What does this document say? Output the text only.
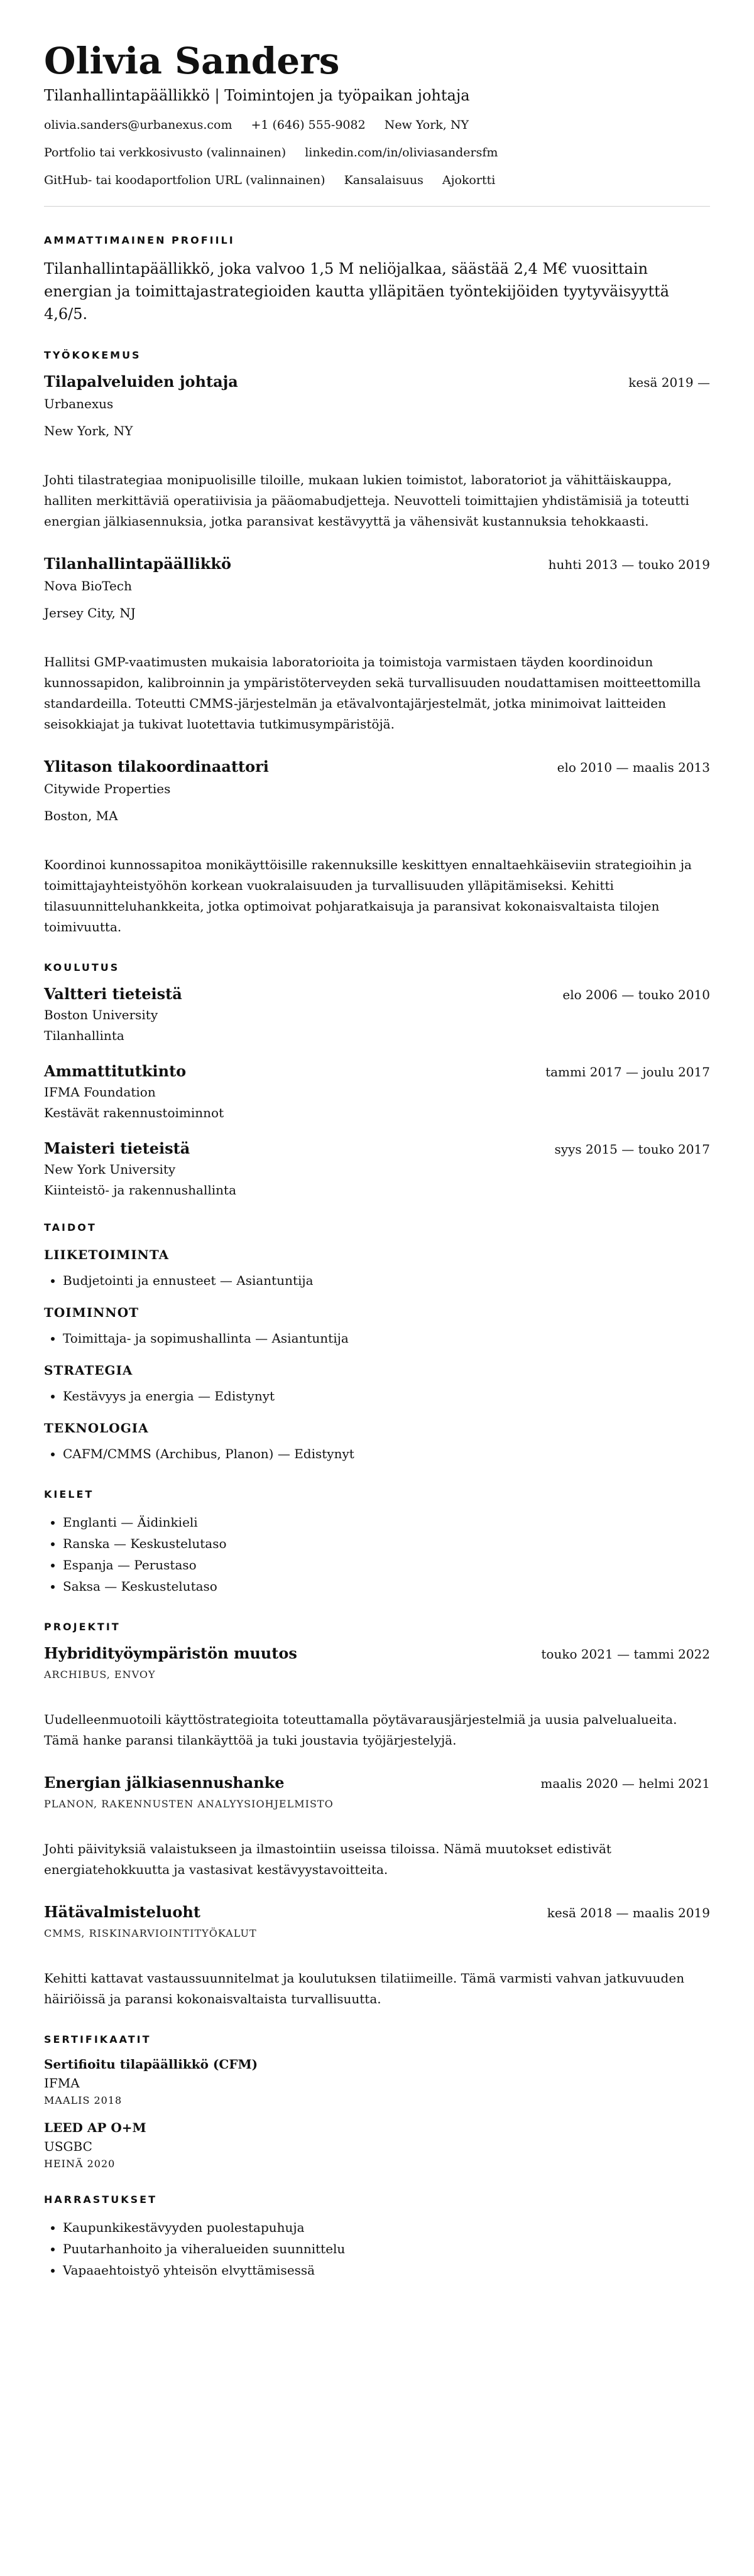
Olivia Sanders
Tilanhallintapäällikkö | Toimintojen ja työpaikan johtaja
olivia.sanders@urbanexus.com +1 (646) 555-9082 New York, NY
Portfolio tai verkkosivusto (valinnainen) linkedin.com/in/oliviasandersfm
GitHub- tai koodaportfolion URL (valinnainen) Kansalaisuus Ajokortti
AMMATTIMAINEN PROFIILI

Tilanhallintapäällikkö, joka valvoo 1,5 M neliöjalkaa, säästää 2,4 M€ vuosittain energian ja toimittajastrategioiden kautta ylläpitäen työntekijöiden tyytyväisyyttä 4,6/5.

TYÖKOKEMUS
Tilapalveluiden johtaja	kesä 2019 —
Urbanexus
New York, NY

Johti tilastrategiaa monipuolisille tiloille, mukaan lukien toimistot, laboratoriot ja vähittäiskauppa, halliten merkittäviä operatiivisia ja pääomabudjetteja. Neuvotteli toimittajien yhdistämisiä ja toteutti energian jälkiasennuksia, jotka paransivat kestävyyttä ja vähensivät kustannuksia tehokkaasti.

Tilanhallintapäällikkö	huhti 2013 — touko 2019
Nova BioTech
Jersey City, NJ

Hallitsi GMP-vaatimusten mukaisia laboratorioita ja toimistoja varmistaen täyden koordinoidun kunnossapidon, kalibroinnin ja ympäristöterveyden sekä turvallisuuden noudattamisen moitteettomilla standardeilla. Toteutti CMMS-järjestelmän ja etävalvontajärjestelmät, jotka minimoivat laitteiden seisokkiajat ja tukivat luotettavia tutkimusympäristöjä.

Ylitason tilakoordinaattori	elo 2010 — maalis 2013
Citywide Properties
Boston, MA

Koordinoi kunnossapitoa monikäyttöisille rakennuksille keskittyen ennaltaehkäiseviin strategioihin ja toimittajayhteistyöhön korkean vuokralaisuuden ja turvallisuuden ylläpitämiseksi. Kehitti tilasuunnitteluhankkeita, jotka optimoivat pohjaratkaisuja ja paransivat kokonaisvaltaista tilojen toimivuutta.

KOULUTUS
Valtteri tieteistä	elo 2006 — touko 2010
Boston University
Tilanhallinta
Ammattitutkinto	tammi 2017 — joulu 2017
IFMA Foundation
Kestävät rakennustoiminnot
Maisteri tieteistä	syys 2015 — touko 2017
New York University
Kiinteistö- ja rakennushallinta
TAIDOT
LIIKETOIMINTA
• Budjetointi ja ennusteet — Asiantuntija
TOIMINNOT
• Toimittaja- ja sopimushallinta — Asiantuntija
STRATEGIA
• Kestävyys ja energia — Edistynyt
TEKNOLOGIA
• CAFM/CMMS (Archibus, Planon) — Edistynyt
KIELET
• Englanti — Äidinkieli
• Ranska — Keskustelutaso
• Espanja — Perustaso
• Saksa — Keskustelutaso
PROJEKTIT
Hybridityöympäristön muutos	touko 2021 — tammi 2022
ARCHIBUS, ENVOY

Uudelleenmuotoili käyttöstrategioita toteuttamalla pöytävarausjärjestelmiä ja uusia palvelualueita. Tämä hanke paransi tilankäyttöä ja tuki joustavia työjärjestelyjä.

Energian jälkiasennushanke	maalis 2020 — helmi 2021
PLANON, RAKENNUSTEN ANALYYSIOHJELMISTO

Johti päivityksiä valaistukseen ja ilmastointiin useissa tiloissa. Nämä muutokset edistivät energiatehokkuutta ja vastasivat kestävyystavoitteita.

Hätävalmisteluoht	kesä 2018 — maalis 2019
CMMS, RISKINARVIOINTITYÖKALUT

Kehitti kattavat vastaussuunnitelmat ja koulutuksen tilatiimeille. Tämä varmisti vahvan jatkuvuuden häiriöissä ja paransi kokonaisvaltaista turvallisuutta.

SERTIFIKAATIT
Sertifioitu tilapäällikkö (CFM)
IFMA
MAALIS 2018
LEED AP O+M
USGBC
HEINÄ 2020
HARRASTUKSET
• Kaupunkikestävyyden puolestapuhuja
• Puutarhanhoito ja viheralueiden suunnittelu
• Vapaaehtoistyö yhteisön elvyttämisessä
